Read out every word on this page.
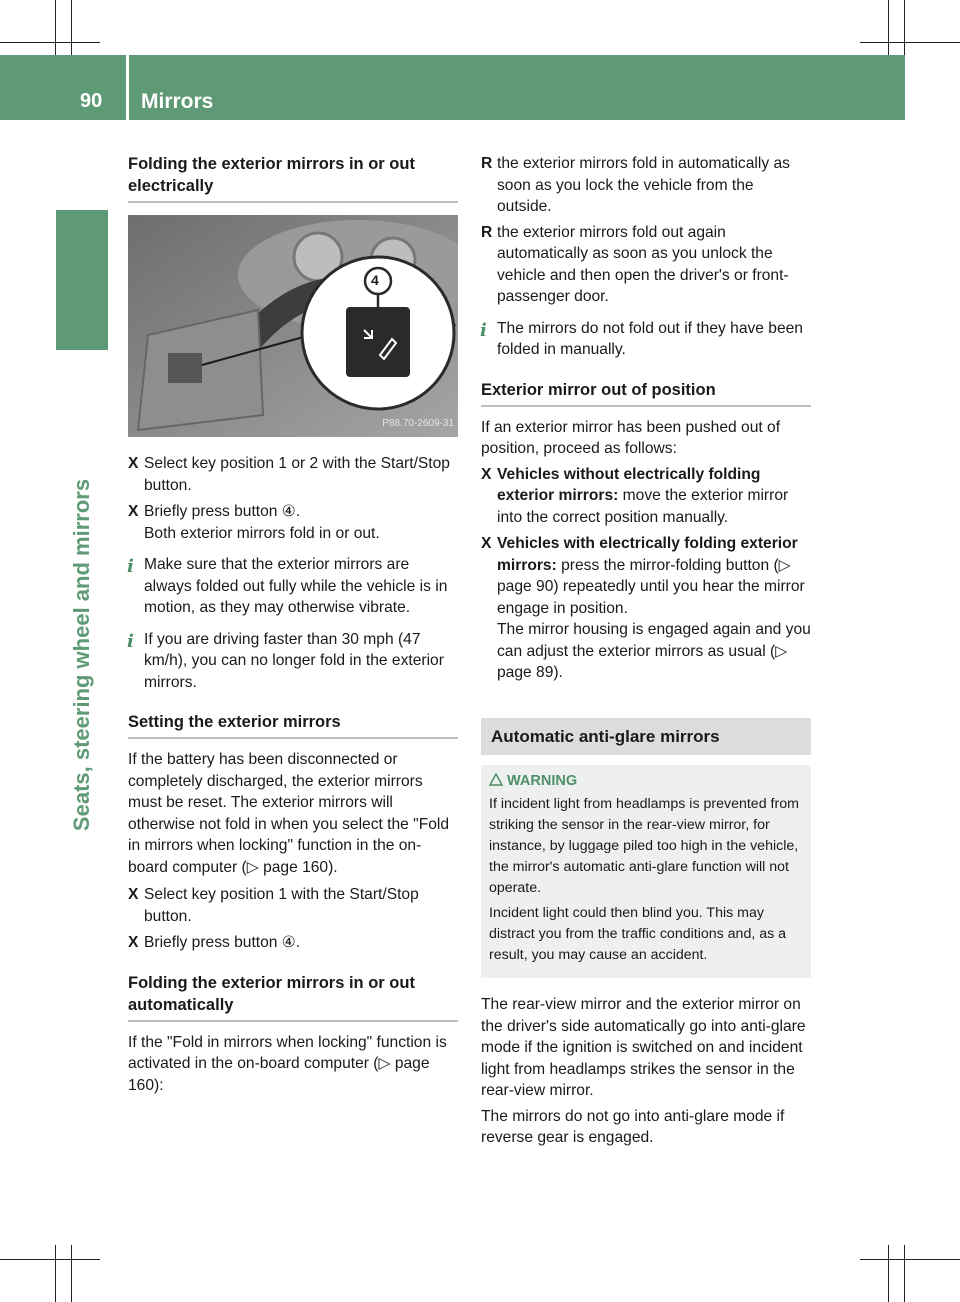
90 Mirrors
Seats, steering wheel and mirrors
Folding the exterior mirrors in or out electrically
4
P88.70-2609-31
X Select key position 1 or 2 with the Start/Stop button.
X Briefly press button ④.
Both exterior mirrors fold in or out.
i Make sure that the exterior mirrors are always folded out fully while the vehicle is in motion, as they may otherwise vibrate.
i If you are driving faster than 30 mph (47 km/h), you can no longer fold in the exterior mirrors.
Setting the exterior mirrors

If the battery has been disconnected or completely discharged, the exterior mirrors must be reset. The exterior mirrors will otherwise not fold in when you select the "Fold in mirrors when locking" function in the on-board computer (▷ page 160).

X Select key position 1 with the Start/Stop button.
X Briefly press button ④.
Folding the exterior mirrors in or out automatically

If the "Fold in mirrors when locking" function is activated in the on-board computer (▷ page 160):

R the exterior mirrors fold in automatically as soon as you lock the vehicle from the outside.
R the exterior mirrors fold out again automatically as soon as you unlock the vehicle and then open the driver's or front-passenger door.
i The mirrors do not fold out if they have been folded in manually.
Exterior mirror out of position

If an exterior mirror has been pushed out of position, proceed as follows:

X Vehicles without electrically folding exterior mirrors: move the exterior mirror into the correct position manually.
X Vehicles with electrically folding exterior mirrors: press the mirror-folding button (▷ page 90) repeatedly until you hear the mirror engage in position.
The mirror housing is engaged again and you can adjust the exterior mirrors as usual (▷ page 89).
Automatic anti-glare mirrors
WARNING

If incident light from headlamps is prevented from striking the sensor in the rear-view mirror, for instance, by luggage piled too high in the vehicle, the mirror's automatic anti-glare function will not operate.

Incident light could then blind you. This may distract you from the traffic conditions and, as a result, you may cause an accident.

The rear-view mirror and the exterior mirror on the driver's side automatically go into anti-glare mode if the ignition is switched on and incident light from headlamps strikes the sensor in the rear-view mirror.

The mirrors do not go into anti-glare mode if reverse gear is engaged.
